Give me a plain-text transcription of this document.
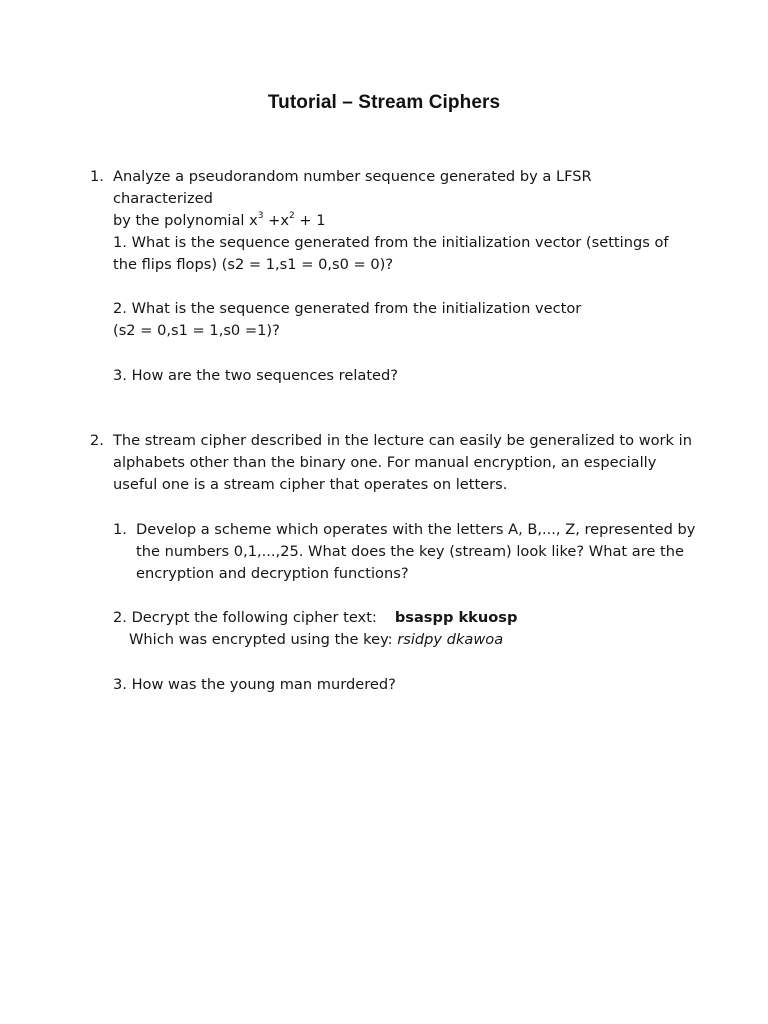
Tutorial – Stream Ciphers
1. Analyze a pseudorandom number sequence generated by a LFSR characterized
by the polynomial $x^3 +x^2 + 1$
1. What is the sequence generated from the initialization vector (settings of
the flips flops) (s2 = 1,s1 = 0,s0 = 0)?
2. What is the sequence generated from the initialization vector
(s2 = 0,s1 = 1,s0 =1)?
3. How are the two sequences related?
2. The stream cipher described in the lecture can easily be generalized to work in
alphabets other than the binary one. For manual encryption, an especially
useful one is a stream cipher that operates on letters.
1. Develop a scheme which operates with the letters A, B,..., Z, represented by
the numbers 0,1,...,25. What does the key (stream) look like? What are the
encryption and decryption functions?
2. Decrypt the following cipher text: bsaspp kkuosp
Which was encrypted using the key: rsidpy dkawoa
3. How was the young man murdered?
